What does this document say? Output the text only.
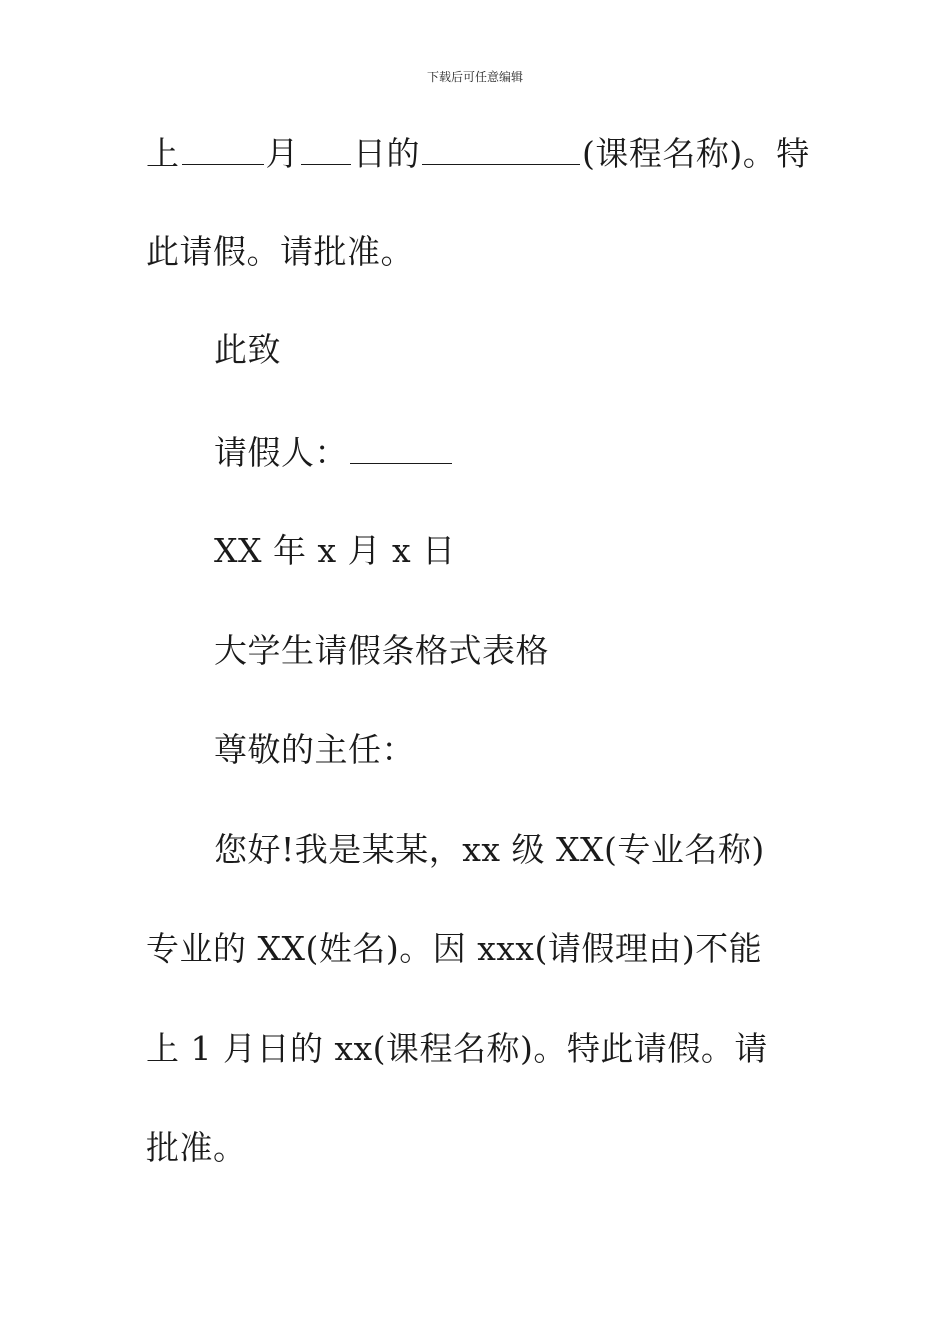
下载后可任意编辑
上	月 日的	(课程名称)。特
此请假。请批准。
此致
请假人：
XX 年 x 月 x 日
大学生请假条格式表格
尊敬的主任：
您好!我是某某，xx 级 XX(专业名称)
专业的 XX(姓名)。因 xxx(请假理由)不能
上 1 月日的 xx(课程名称)。特此请假。请
批准。
